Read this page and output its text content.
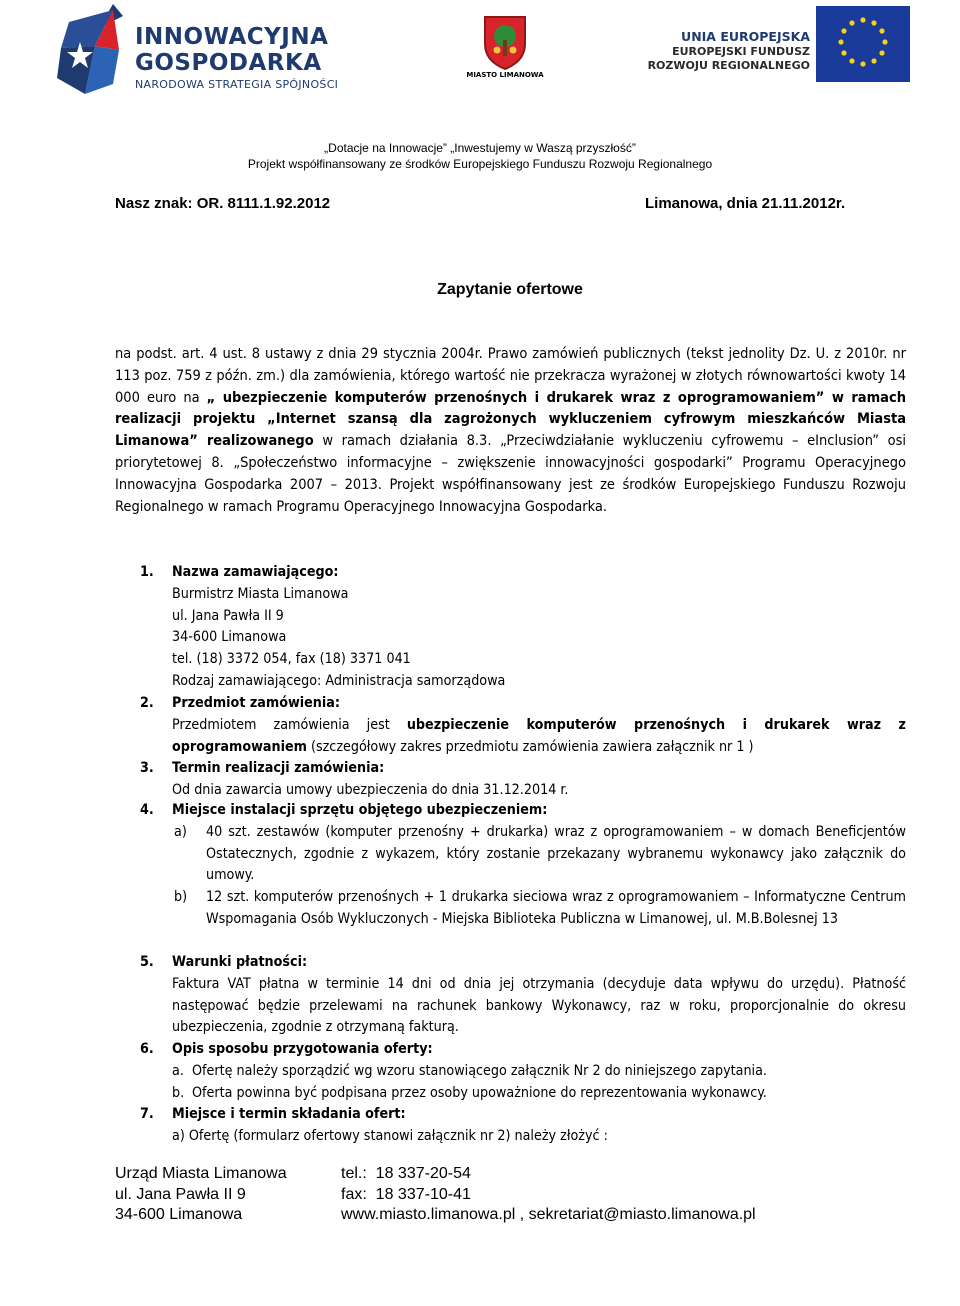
INNOWACYJNA
GOSPODARKA
NARODOWA STRATEGIA SPÓJNOŚCI
MIASTO LIMANOWA
UNIA EUROPEJSKA
EUROPEJSKI FUNDUSZ
ROZWOJU REGIONALNEGO
„Dotacje na Innowacje” „Inwestujemy w Waszą przyszłość”
Projekt współfinansowany ze środków Europejskiego Funduszu Rozwoju Regionalnego
Nasz znak: OR. 8111.1.92.2012	Limanowa, dnia 21.11.2012r.
Zapytanie ofertowe
na podst. art. 4 ust. 8 ustawy z dnia 29 stycznia 2004r. Prawo zamówień publicznych (tekst jednolity Dz. U. z 2010r. nr 113 poz. 759 z późn. zm.) dla zamówienia, którego wartość nie przekracza wyrażonej w złotych równowartości kwoty 14 000 euro na „ ubezpieczenie komputerów przenośnych i drukarek wraz z oprogramowaniem” w ramach realizacji projektu „Internet szansą dla zagrożonych wykluczeniem cyfrowym mieszkańców Miasta Limanowa” realizowanego w ramach działania 8.3. „Przeciwdziałanie wykluczeniu cyfrowemu – eInclusion” osi priorytetowej 8. „Społeczeństwo informacyjne – zwiększenie innowacyjności gospodarki” Programu Operacyjnego Innowacyjna Gospodarka 2007 – 2013. Projekt współfinansowany jest ze środków Europejskiego Funduszu Rozwoju Regionalnego w ramach Programu Operacyjnego Innowacyjna Gospodarka.
1. Nazwa zamawiającego:
Burmistrz Miasta Limanowa
ul. Jana Pawła II 9
34-600 Limanowa
tel. (18) 3372 054, fax (18) 3371 041
Rodzaj zamawiającego: Administracja samorządowa
2. Przedmiot zamówienia:
Przedmiotem zamówienia jest ubezpieczenie komputerów przenośnych i drukarek wraz z oprogramowaniem (szczegółowy zakres przedmiotu zamówienia zawiera załącznik nr 1 )
3. Termin realizacji zamówienia:
Od dnia zawarcia umowy ubezpieczenia do dnia 31.12.2014 r.
4. Miejsce instalacji sprzętu objętego ubezpieczeniem:
a) 40 szt. zestawów (komputer przenośny + drukarka) wraz z oprogramowaniem – w domach Beneficjentów Ostatecznych, zgodnie z wykazem, który zostanie przekazany wybranemu wykonawcy jako załącznik do umowy.
b) 12 szt. komputerów przenośnych + 1 drukarka sieciowa wraz z oprogramowaniem – Informatyczne Centrum Wspomagania Osób Wykluczonych - Miejska Biblioteka Publiczna w Limanowej, ul. M.B.Bolesnej 13
5. Warunki płatności:
Faktura VAT płatna w terminie 14 dni od dnia jej otrzymania (decyduje data wpływu do urzędu). Płatność następować będzie przelewami na rachunek bankowy Wykonawcy, raz w roku, proporcjonalnie do okresu ubezpieczenia, zgodnie z otrzymaną fakturą.
6. Opis sposobu przygotowania oferty:
a. Ofertę należy sporządzić wg wzoru stanowiącego załącznik Nr 2 do niniejszego zapytania.
b. Oferta powinna być podpisana przez osoby upoważnione do reprezentowania wykonawcy.
7. Miejsce i termin składania ofert:
a) Ofertę (formularz ofertowy stanowi załącznik nr 2) należy złożyć :
Urząd Miasta Limanowa
ul. Jana Pawła II 9
34-600 Limanowa
tel.:  18 337-20-54
fax:  18 337-10-41
www.miasto.limanowa.pl , sekretariat@miasto.limanowa.pl
